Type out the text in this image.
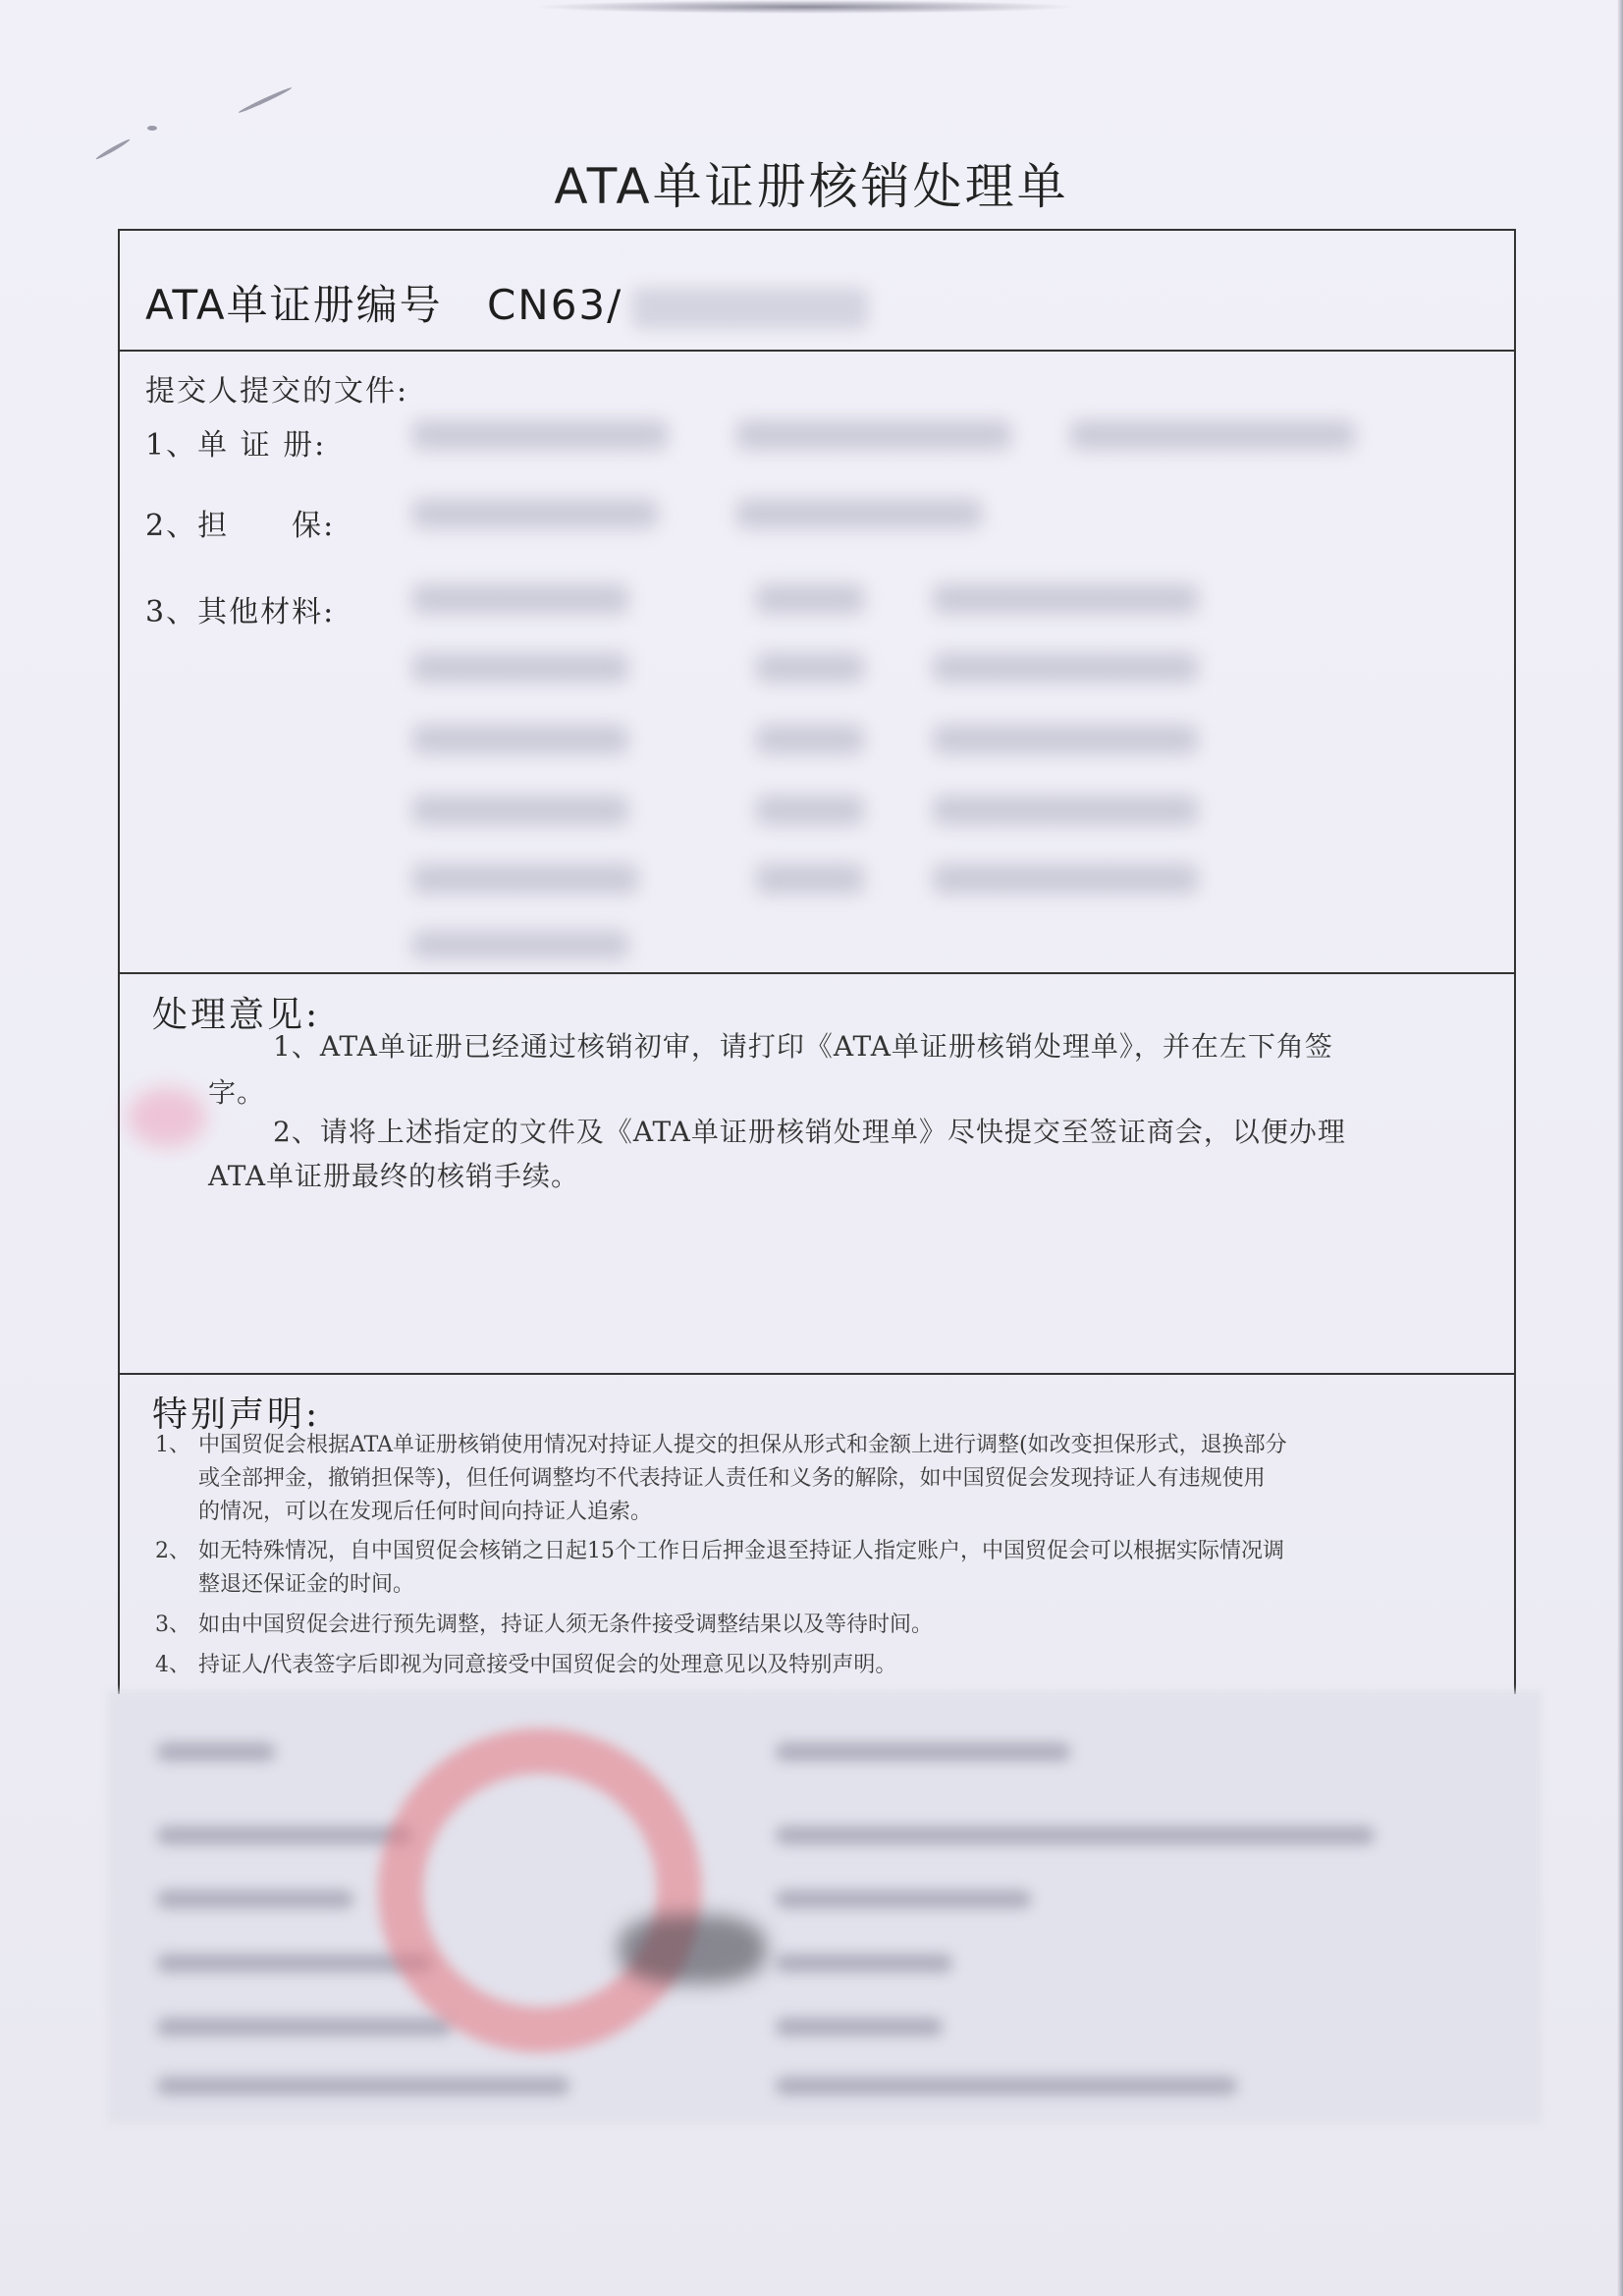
ATA单证册核销处理单
ATA单证册编号 CN63/
提交人提交的文件:
1、单 证 册:
2、担　　保:
3、其他材料:
处理意见:
1、ATA单证册已经通过核销初审，请打印《ATA单证册核销处理单》，并在左下角签
字。
2、请将上述指定的文件及《ATA单证册核销处理单》尽快提交至签证商会，以便办理
ATA单证册最终的核销手续。
特别声明:
1、 中国贸促会根据ATA单证册核销使用情况对持证人提交的担保从形式和金额上进行调整(如改变担保形式，退换部分
或全部押金，撤销担保等)，但任何调整均不代表持证人责任和义务的解除，如中国贸促会发现持证人有违规使用
的情况，可以在发现后任何时间向持证人追索。
2、 如无特殊情况，自中国贸促会核销之日起15个工作日后押金退至持证人指定账户，中国贸促会可以根据实际情况调
整退还保证金的时间。
3、 如由中国贸促会进行预先调整，持证人须无条件接受调整结果以及等待时间。
4、 持证人/代表签字后即视为同意接受中国贸促会的处理意见以及特别声明。
